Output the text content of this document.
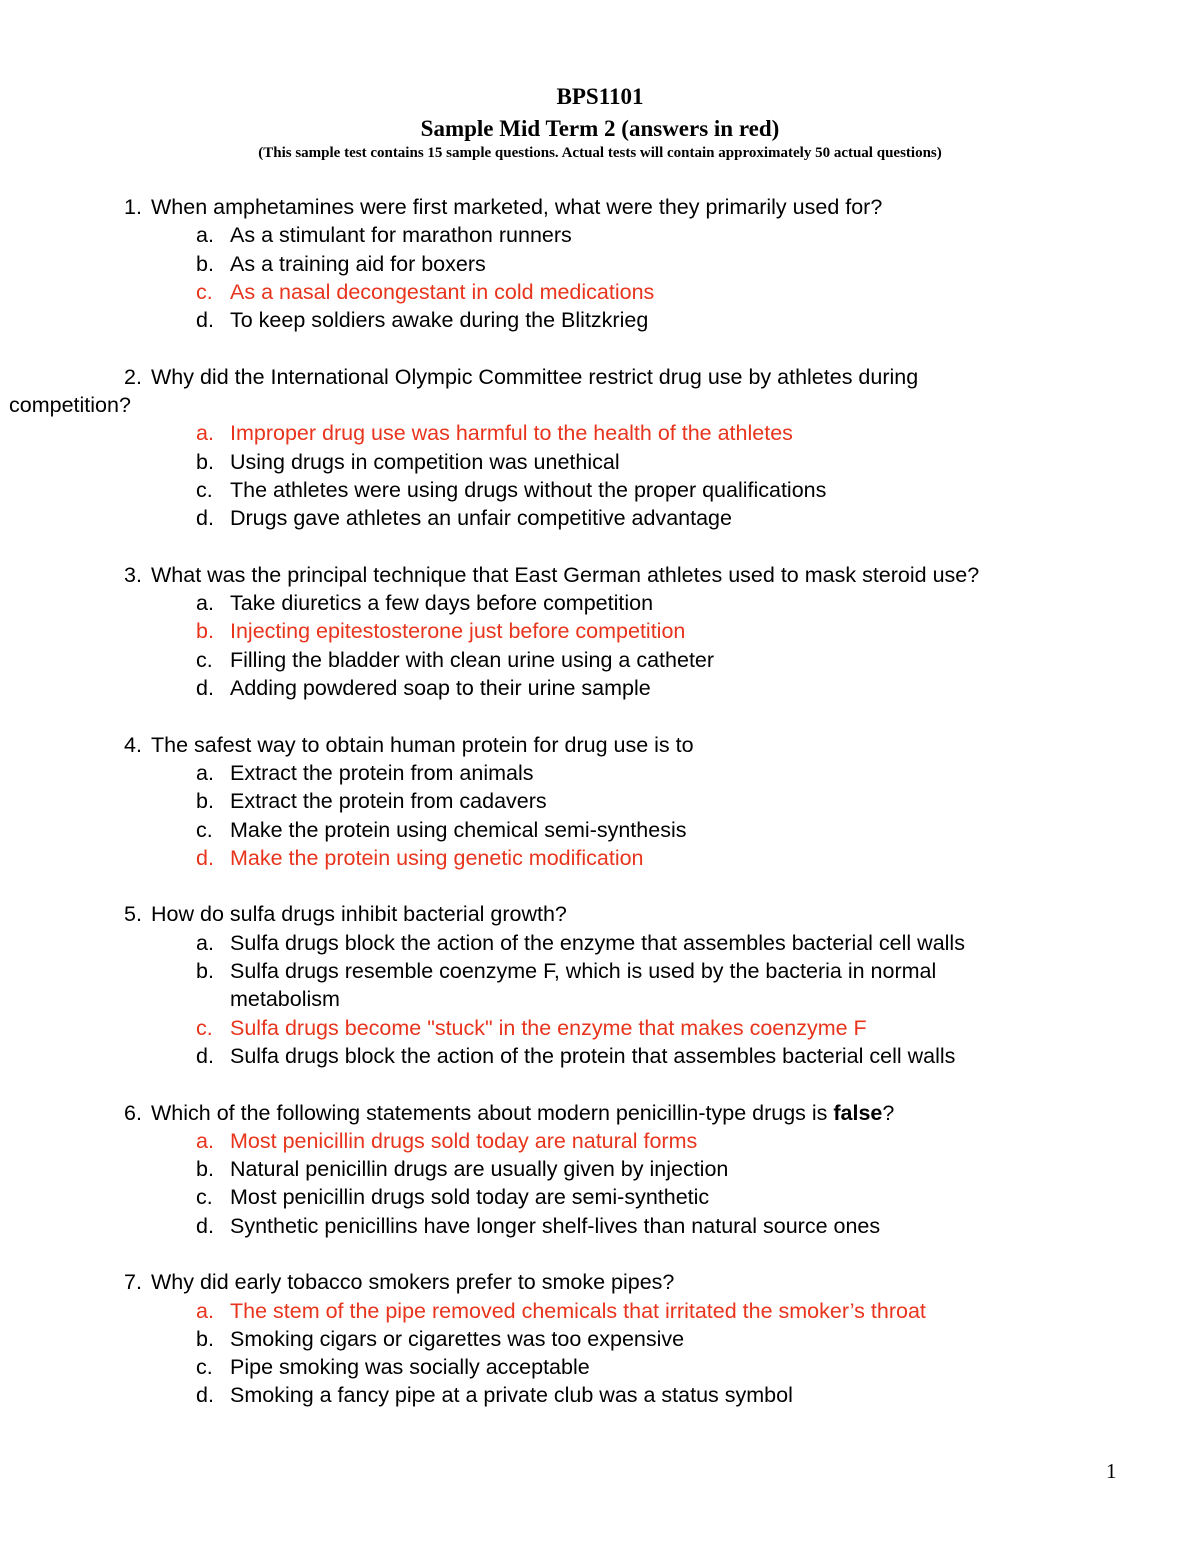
BPS1101
Sample Mid Term 2 (answers in red)
(This sample test contains 15 sample questions. Actual tests will contain approximately 50 actual questions)
1. When amphetamines were first marketed, what were they primarily used for?
a. As a stimulant for marathon runners
b. As a training aid for boxers
c. As a nasal decongestant in cold medications
d. To keep soldiers awake during the Blitzkrieg
2. Why did the International Olympic Committee restrict drug use by athletes during
competition?
a. Improper drug use was harmful to the health of the athletes
b. Using drugs in competition was unethical
c. The athletes were using drugs without the proper qualifications
d. Drugs gave athletes an unfair competitive advantage
3. What was the principal technique that East German athletes used to mask steroid use?
a. Take diuretics a few days before competition
b. Injecting epitestosterone just before competition
c. Filling the bladder with clean urine using a catheter
d. Adding powdered soap to their urine sample
4. The safest way to obtain human protein for drug use is to
a. Extract the protein from animals
b. Extract the protein from cadavers
c. Make the protein using chemical semi-synthesis
d. Make the protein using genetic modification
5. How do sulfa drugs inhibit bacterial growth?
a. Sulfa drugs block the action of the enzyme that assembles bacterial cell walls
b. Sulfa drugs resemble coenzyme F, which is used by the bacteria in normal metabolism
c. Sulfa drugs become "stuck" in the enzyme that makes coenzyme F
d. Sulfa drugs block the action of the protein that assembles bacterial cell walls
6. Which of the following statements about modern penicillin-type drugs is false?
a. Most penicillin drugs sold today are natural forms
b. Natural penicillin drugs are usually given by injection
c. Most penicillin drugs sold today are semi-synthetic
d. Synthetic penicillins have longer shelf-lives than natural source ones
7. Why did early tobacco smokers prefer to smoke pipes?
a. The stem of the pipe removed chemicals that irritated the smoker’s throat
b. Smoking cigars or cigarettes was too expensive
c. Pipe smoking was socially acceptable
d. Smoking a fancy pipe at a private club was a status symbol
1
